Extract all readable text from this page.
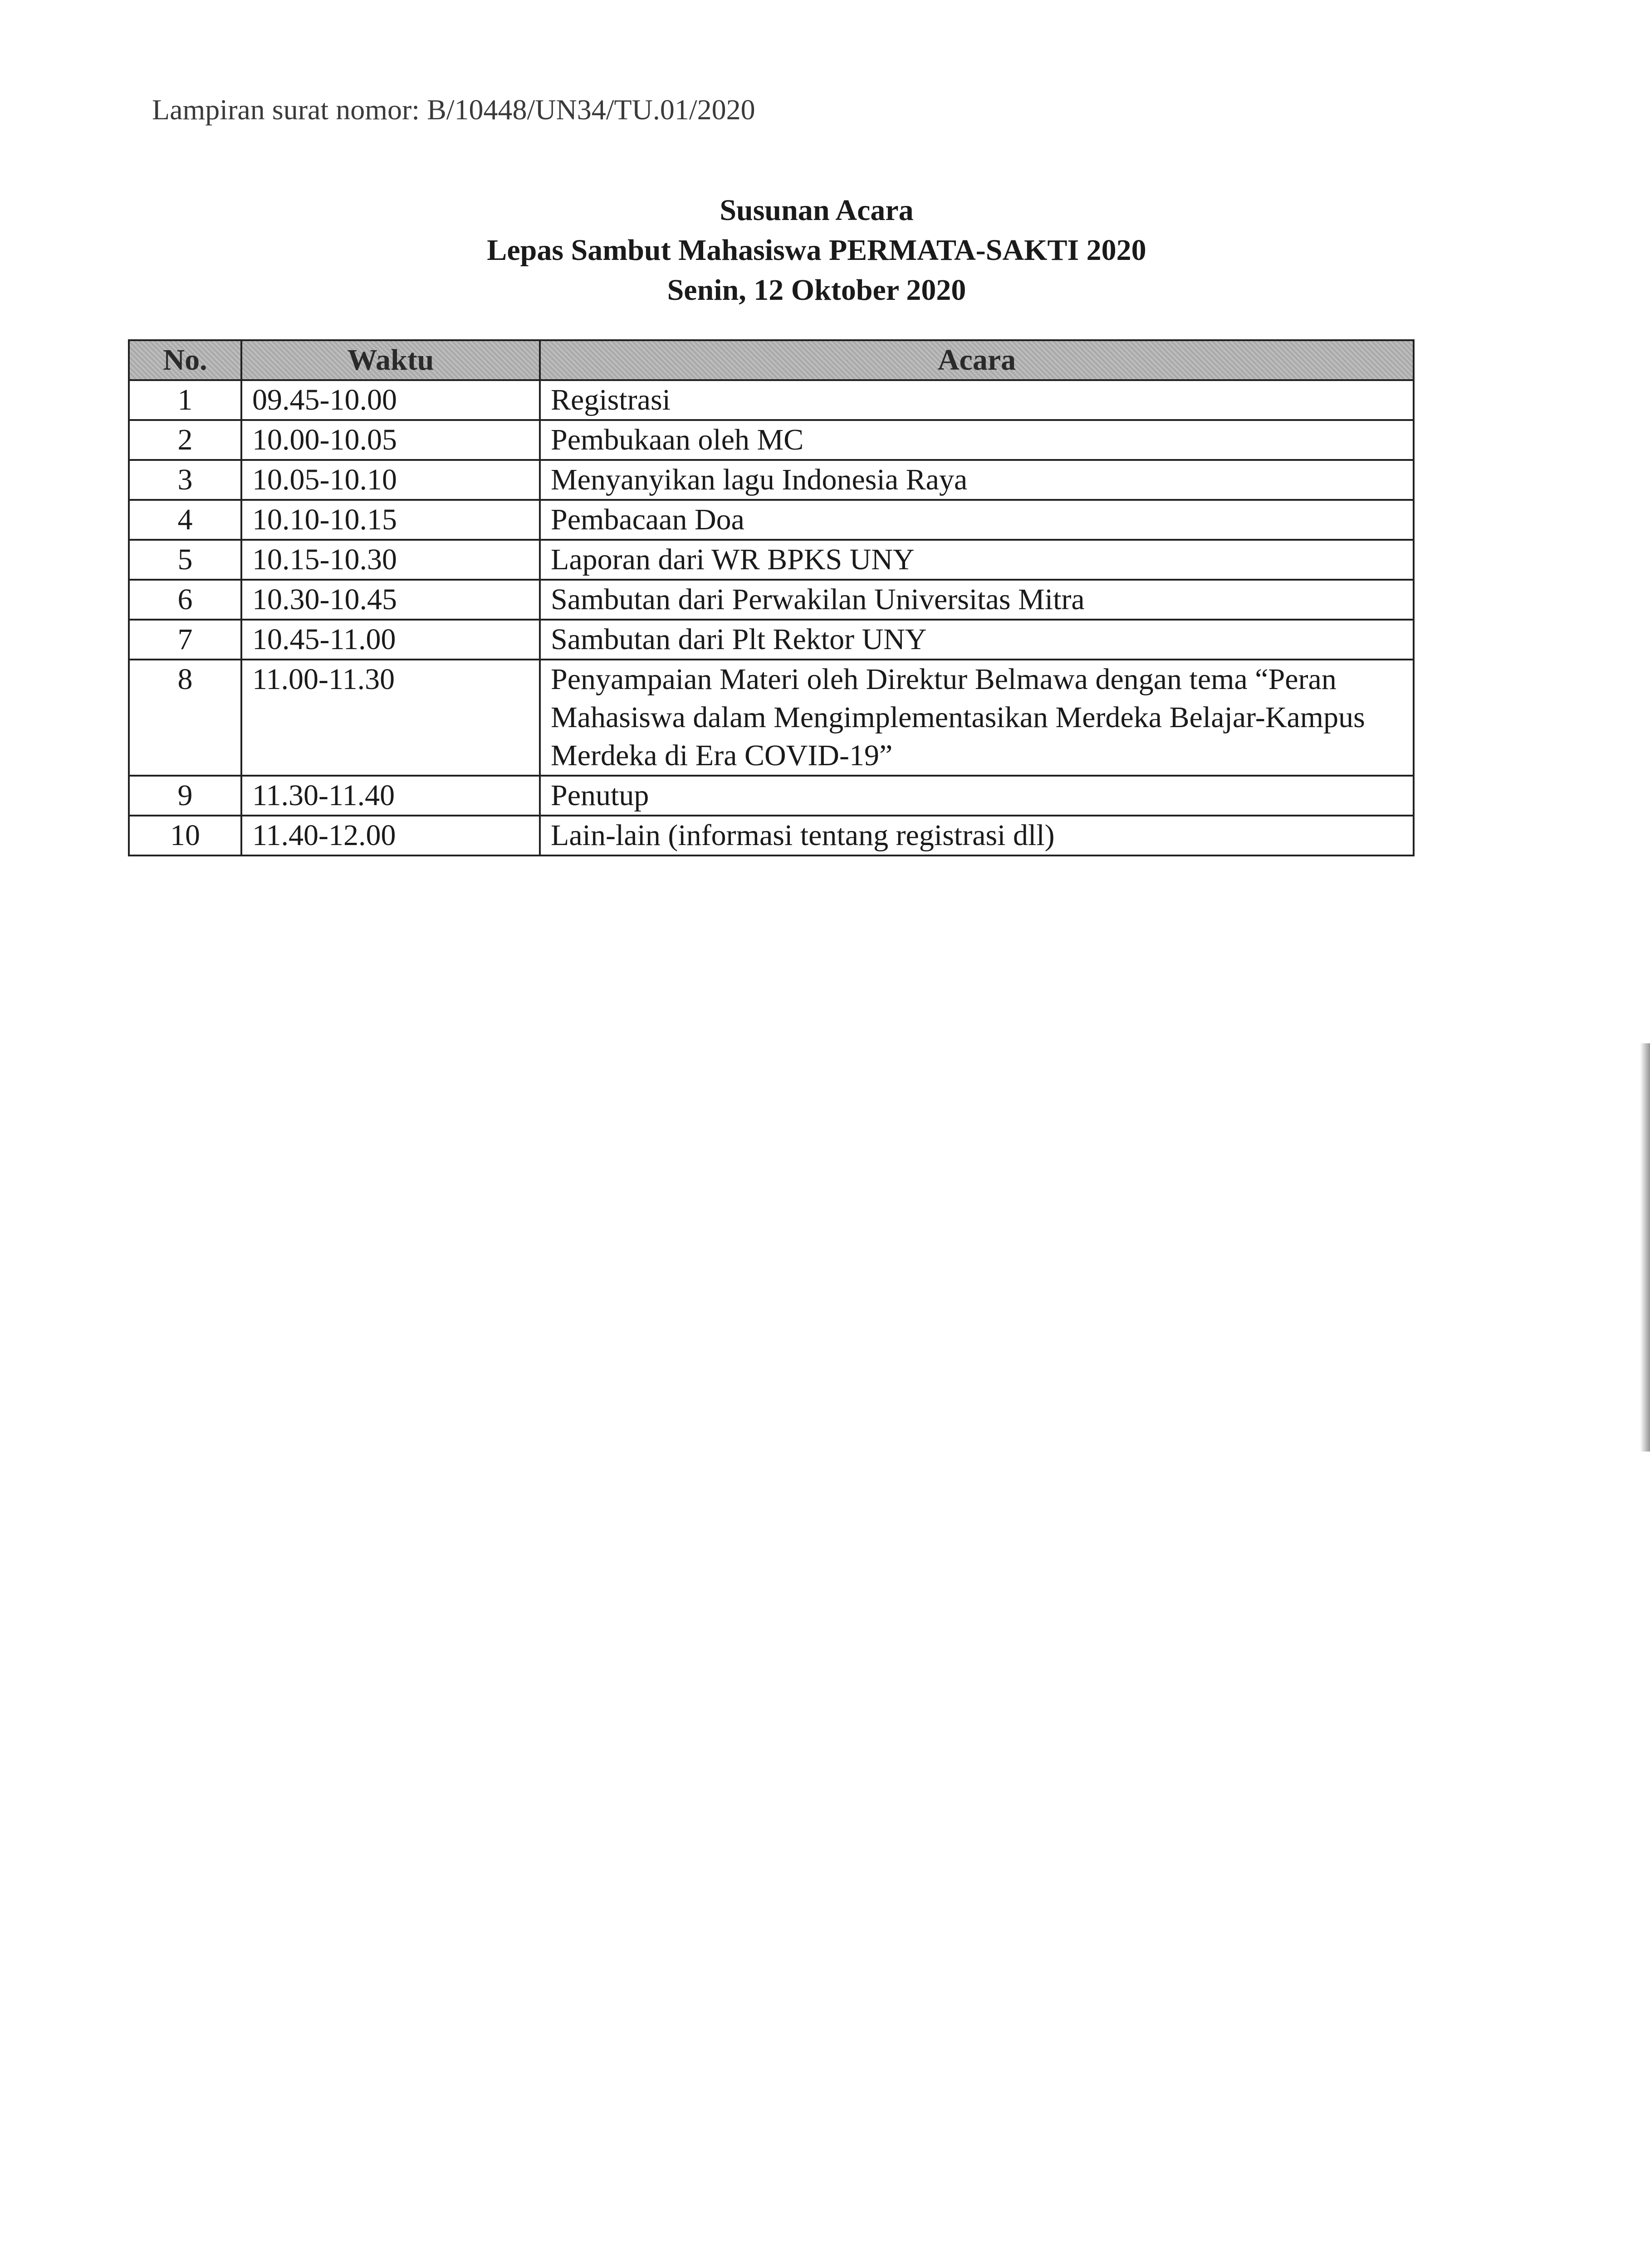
Lampiran surat nomor: B/10448/UN34/TU.01/2020
Susunan Acara
Lepas Sambut Mahasiswa PERMATA-SAKTI 2020
Senin, 12 Oktober 2020
No.	Waktu	Acara
1	09.45-10.00	Registrasi
2	10.00-10.05	Pembukaan oleh MC
3	10.05-10.10	Menyanyikan lagu Indonesia Raya
4	10.10-10.15	Pembacaan Doa
5	10.15-10.30	Laporan dari WR BPKS UNY
6	10.30-10.45	Sambutan dari Perwakilan Universitas Mitra
7	10.45-11.00	Sambutan dari Plt Rektor UNY
8	11.00-11.30	Penyampaian Materi oleh Direktur Belmawa dengan tema “Peran Mahasiswa dalam Mengimplementasikan Merdeka Belajar-Kampus Merdeka di Era COVID-19”
9	11.30-11.40	Penutup
10	11.40-12.00	Lain-lain (informasi tentang registrasi dll)
